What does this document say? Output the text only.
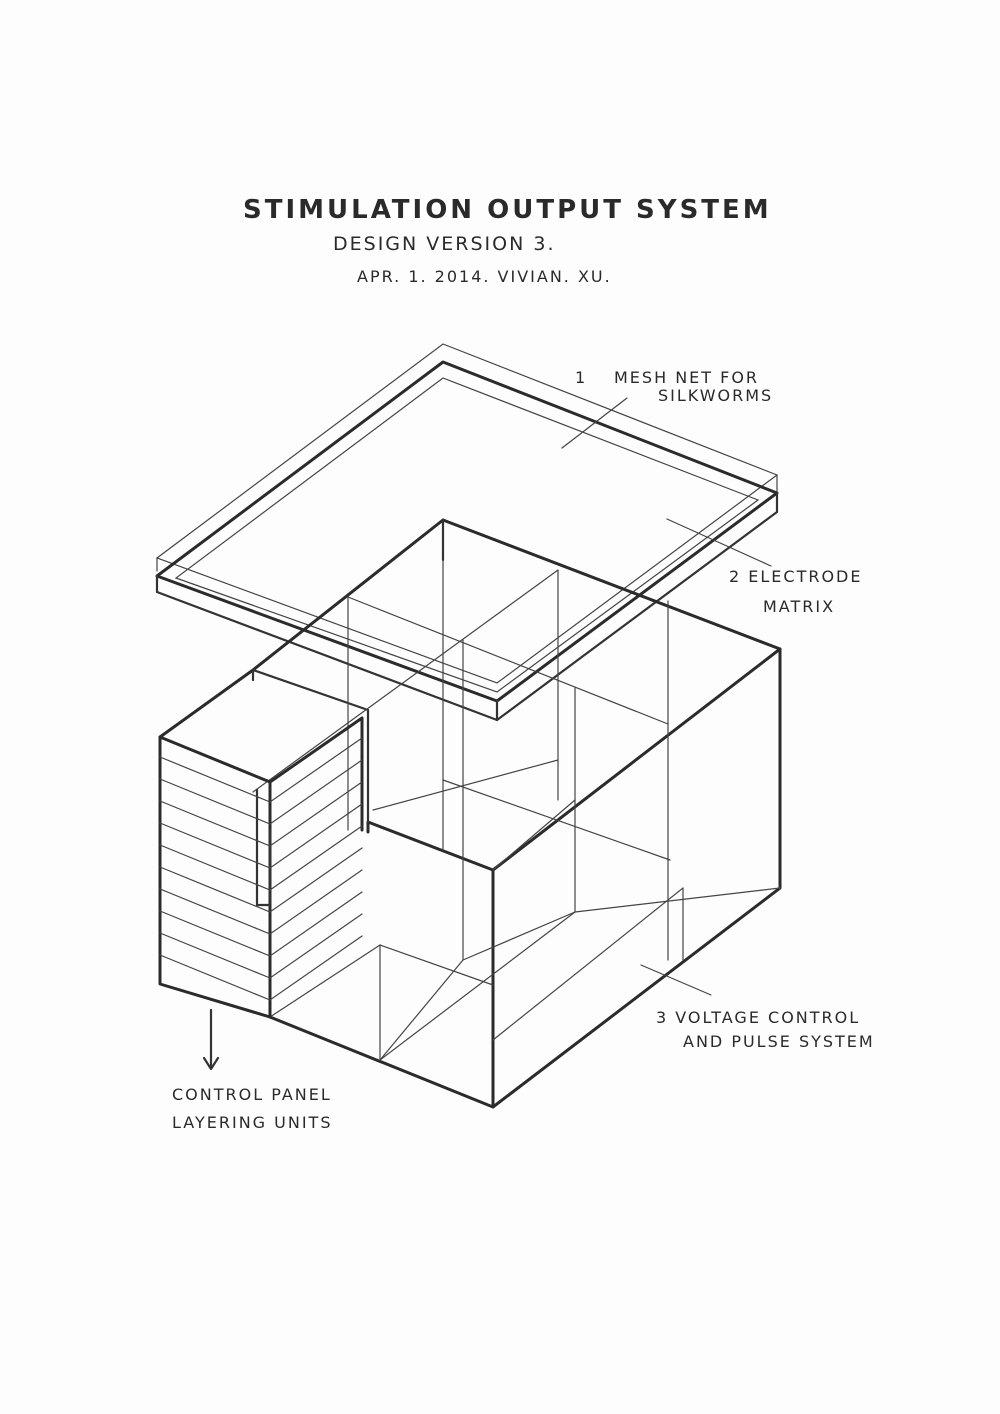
STIMULATION OUTPUT SYSTEM
DESIGN VERSION 3.
APR. 1. 2014. VIVIAN. XU.
1 MESH NET FOR
SILKWORMS
2 ELECTRODE
MATRIX
3 VOLTAGE CONTROL
AND PULSE SYSTEM
CONTROL PANEL
LAYERING UNITS
